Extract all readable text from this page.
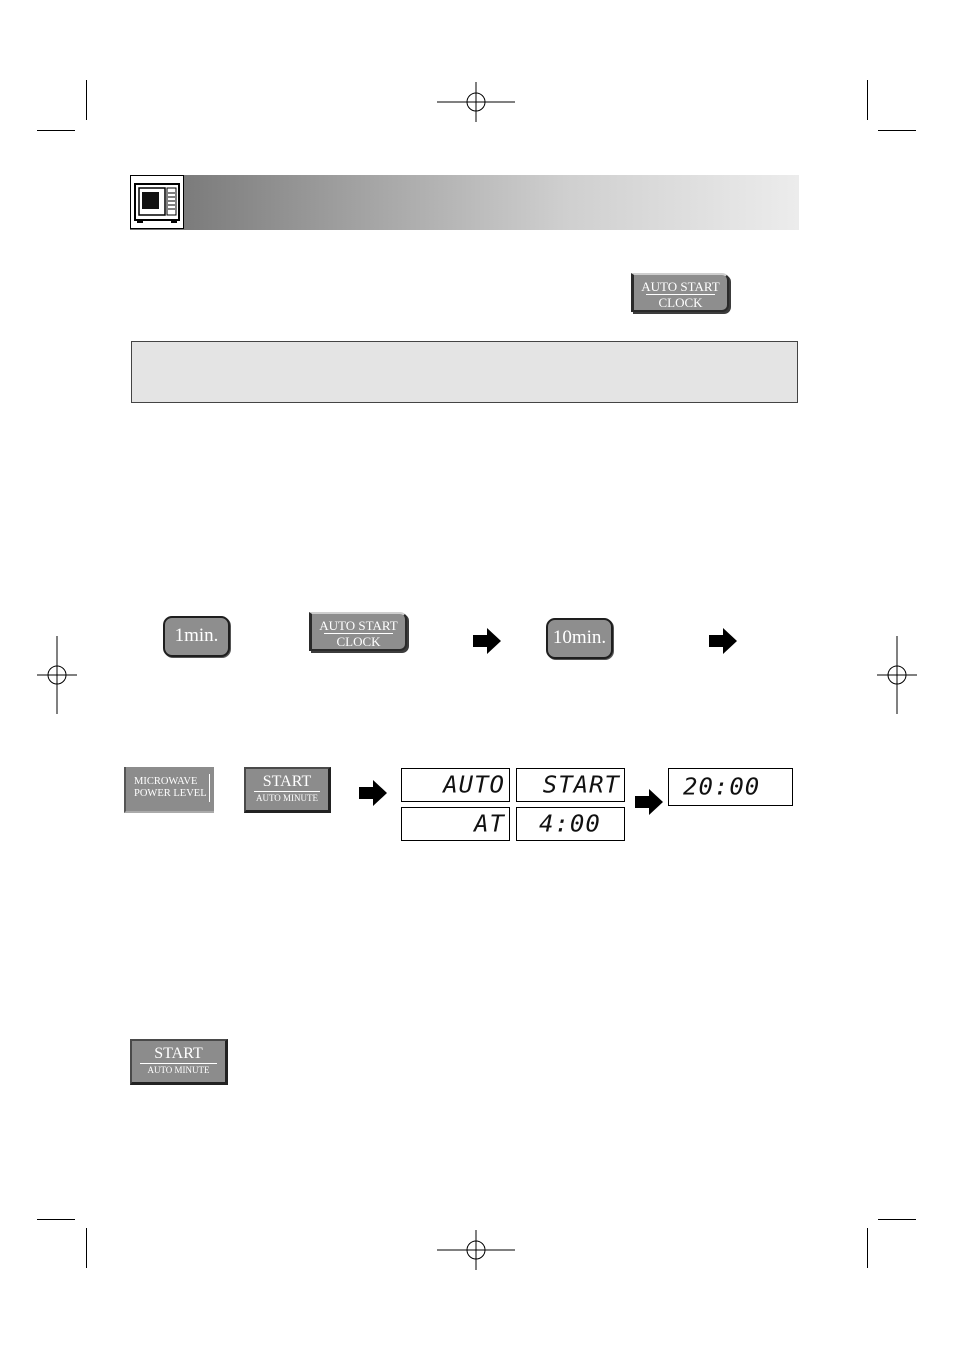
AUTO START
CLOCK
1min.	AUTO START
CLOCK	10min.
MICROWAVE
POWER LEVEL
START
AUTO MINUTE	AUTO START
AT 4:00
20:00
START
AUTO MINUTE
